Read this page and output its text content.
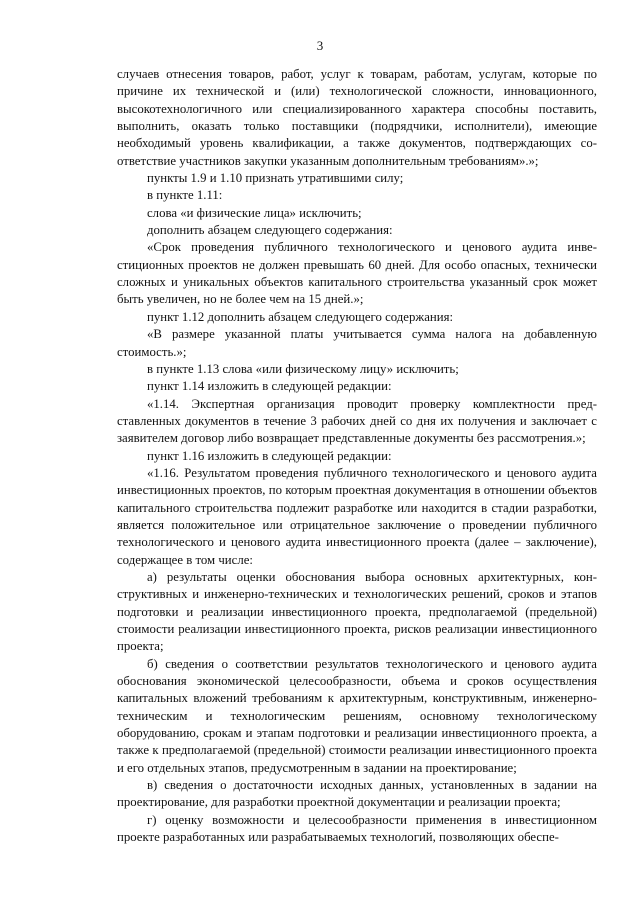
3

случаев отнесения товаров, работ, услуг к товарам, работам, услугам, которые по причине их технической и (или) технологической сложности, инновационного, высокотехнологичного или специализированного характера способны поставить, выполнить, оказать только поставщики (подрядчики, исполнители), имеющие необходимый уровень квалификации, а также документов, подтверждающих соответствие участников закупки указанным дополнительным требованиям».»;

пункты 1.9 и 1.10 признать утратившими силу;

в пункте 1.11:

слова «и физические лица» исключить;

дополнить абзацем следующего содержания:

«Срок проведения публичного технологического и ценового аудита инвестиционных проектов не должен превышать 60 дней. Для особо опасных, технически сложных и уникальных объектов капитального строительства указанный срок может быть увеличен, но не более чем на 15 дней.»;

пункт 1.12 дополнить абзацем следующего содержания:

«В размере указанной платы учитывается сумма налога на добавленную стоимость.»;

в пункте 1.13 слова «или физическому лицу» исключить;

пункт 1.14 изложить в следующей редакции:

«1.14. Экспертная организация проводит проверку комплектности представленных документов в течение 3 рабочих дней со дня их получения и заключает с заявителем договор либо возвращает представленные документы без рассмотрения.»;

пункт 1.16 изложить в следующей редакции:

«1.16. Результатом проведения публичного технологического и ценового аудита инвестиционных проектов, по которым проектная документация в отношении объектов капитального строительства подлежит разработке или находится в стадии разработки, является положительное или отрицательное заключение о проведении публичного технологического и ценового аудита инвестиционного проекта (далее – заключение), содержащее в том числе:

а) результаты оценки обоснования выбора основных архитектурных, конструктивных и инженерно-технических и технологических решений, сроков и этапов подготовки и реализации инвестиционного проекта, предполагаемой (предельной) стоимости реализации инвестиционного проекта, рисков реализации инвестиционного проекта;

б) сведения о соответствии результатов технологического и ценового аудита обоснования экономической целесообразности, объема и сроков осуществления капитальных вложений требованиям к архитектурным, конструктивным, инженерно-техническим и технологическим решениям, основному технологическому оборудованию, срокам и этапам подготовки и реализации инвестиционного проекта, а также к предполагаемой (предельной) стоимости реализации инвестиционного проекта и его отдельных этапов, предусмотренным в задании на проектирование;

в) сведения о достаточности исходных данных, установленных в задании на проектирование, для разработки проектной документации и реализации проекта;

г) оценку возможности и целесообразности применения в инвестиционном проекте разработанных или разрабатываемых технологий, позволяющих обеспе-
